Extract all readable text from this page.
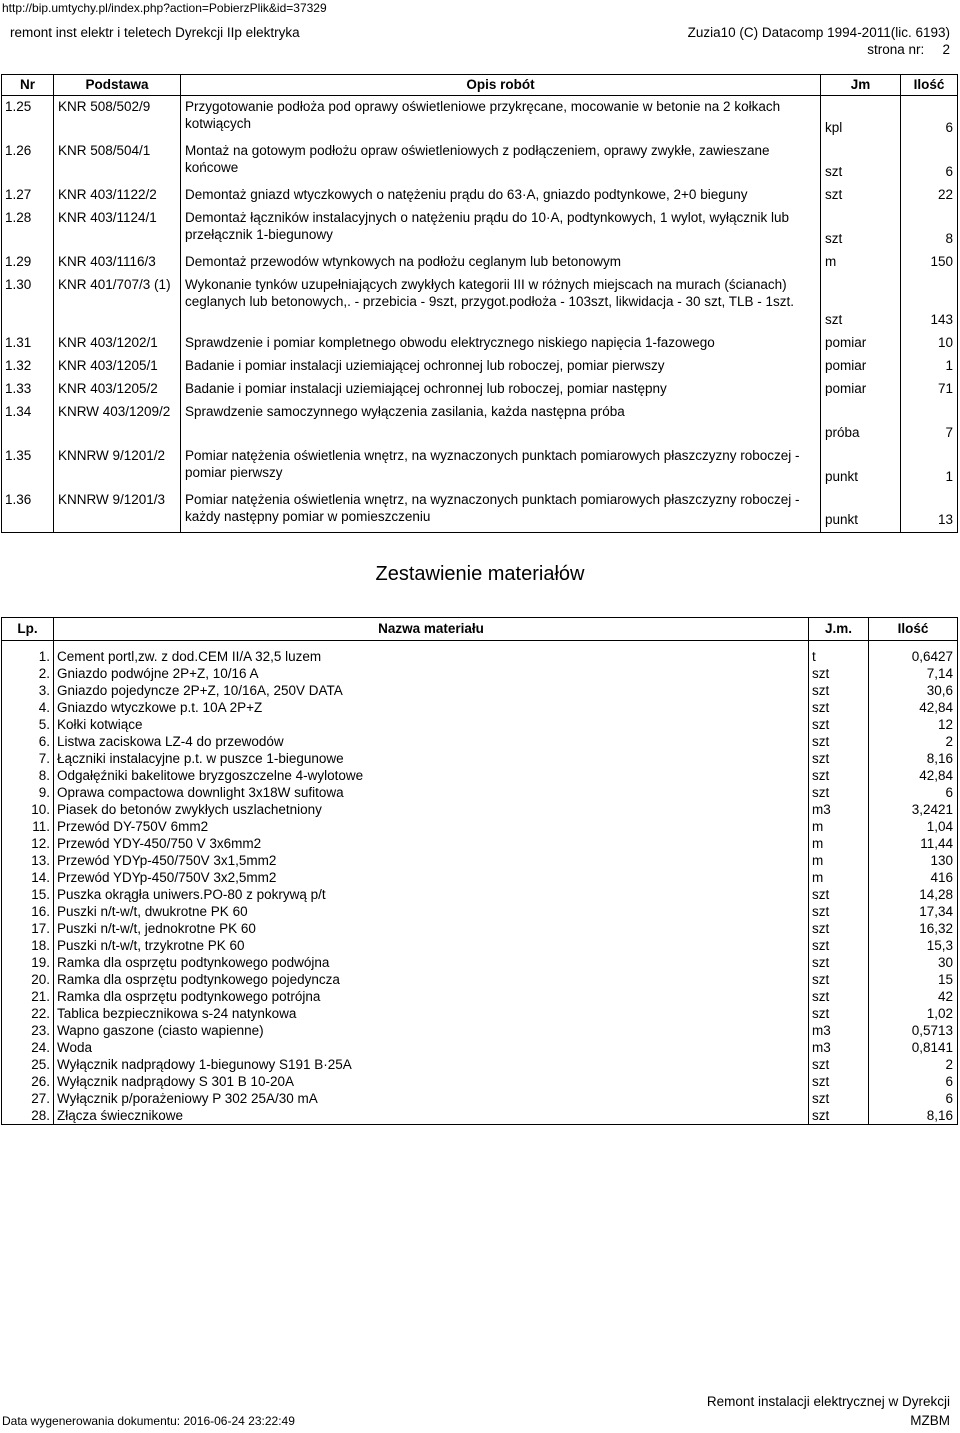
http://bip.umtychy.pl/index.php?action=PobierzPlik&id=37329
remont inst elektr i teletech Dyrekcji IIp elektryka	Zuzia10 (C) Datacomp 1994-2011(lic. 6193)
strona nr: 2
Nr	Podstawa	Opis robót	Jm	Ilość
1.25	KNR 508/502/9	Przygotowanie podłoża pod oprawy oświetleniowe przykręcane, mocowanie w betonie na 2 kołkach kotwiących	kpl	6
1.26	KNR 508/504/1	Montaż na gotowym podłożu opraw oświetleniowych z podłączeniem, oprawy zwykłe, zawieszane końcowe	szt	6
1.27	KNR 403/1122/2	Demontaż gniazd wtyczkowych o natężeniu prądu do 63·A, gniazdo podtynkowe, 2+0 bieguny	szt	22
1.28	KNR 403/1124/1	Demontaż łączników instalacyjnych o natężeniu prądu do 10·A, podtynkowych, 1 wylot, wyłącznik lub przełącznik 1-biegunowy	szt	8
1.29	KNR 403/1116/3	Demontaż przewodów wtynkowych na podłożu ceglanym lub betonowym	m	150
1.30	KNR 401/707/3 (1)	Wykonanie tynków uzupełniających zwykłych kategorii III w różnych miejscach na murach (ścianach) ceglanych lub betonowych,. - przebicia - 9szt, przygot.podłoża - 103szt, likwidacja - 30 szt, TLB - 1szt.	szt	143
1.31	KNR 403/1202/1	Sprawdzenie i pomiar kompletnego obwodu elektrycznego niskiego napięcia 1-fazowego	pomiar	10
1.32	KNR 403/1205/1	Badanie i pomiar instalacji uziemiającej ochronnej lub roboczej, pomiar pierwszy	pomiar	1
1.33	KNR 403/1205/2	Badanie i pomiar instalacji uziemiającej ochronnej lub roboczej, pomiar następny	pomiar	71
1.34	KNRW 403/1209/2	Sprawdzenie samoczynnego wyłączenia zasilania, każda następna próba	próba	7
1.35	KNNRW 9/1201/2	Pomiar natężenia oświetlenia wnętrz, na wyznaczonych punktach pomiarowych płaszczyzny roboczej - pomiar pierwszy	punkt	1
1.36	KNNRW 9/1201/3	Pomiar natężenia oświetlenia wnętrz, na wyznaczonych punktach pomiarowych płaszczyzny roboczej - każdy następny pomiar w pomieszczeniu	punkt	13
Zestawienie materiałów
Lp.	Nazwa materiału	J.m.	Ilość

1.	Cement portl,zw. z dod.CEM II/A 32,5 luzem	t	0,6427
2.	Gniazdo podwójne 2P+Z, 10/16 A	szt	7,14
3.	Gniazdo pojedyncze 2P+Z, 10/16A, 250V DATA	szt	30,6
4.	Gniazdo wtyczkowe p.t. 10A 2P+Z	szt	42,84
5.	Kołki kotwiące	szt	12
6.	Listwa zaciskowa LZ-4 do przewodów	szt	2
7.	Łączniki instalacyjne p.t. w puszce 1-biegunowe	szt	8,16
8.	Odgałęźniki bakelitowe bryzgoszczelne 4-wylotowe	szt	42,84
9.	Oprawa compactowa downlight 3x18W sufitowa	szt	6
10.	Piasek do betonów zwykłych uszlachetniony	m3	3,2421
11.	Przewód DY-750V 6mm2	m	1,04
12.	Przewód YDY-450/750 V 3x6mm2	m	11,44
13.	Przewód YDYp-450/750V 3x1,5mm2	m	130
14.	Przewód YDYp-450/750V 3x2,5mm2	m	416
15.	Puszka okrągła uniwers.PO-80 z pokrywą p/t	szt	14,28
16.	Puszki n/t-w/t, dwukrotne PK 60	szt	17,34
17.	Puszki n/t-w/t, jednokrotne PK 60	szt	16,32
18.	Puszki n/t-w/t, trzykrotne PK 60	szt	15,3
19.	Ramka dla osprzętu podtynkowego podwójna	szt	30
20.	Ramka dla osprzętu podtynkowego pojedyncza	szt	15
21.	Ramka dla osprzętu podtynkowego potrójna	szt	42
22.	Tablica bezpiecznikowa s-24 natynkowa	szt	1,02
23.	Wapno gaszone (ciasto wapienne)	m3	0,5713
24.	Woda	m3	0,8141
25.	Wyłącznik nadprądowy 1-biegunowy S191 B·25A	szt	2
26.	Wyłącznik nadprądowy S 301 B 10-20A	szt	6
27.	Wyłącznik p/porażeniowy P 302 25A/30 mA	szt	6
28.	Złącza świecznikowe	szt	8,16
Remont instalacji elektrycznej w Dyrekcji
MZBM
Data wygenerowania dokumentu: 2016-06-24 23:22:49
